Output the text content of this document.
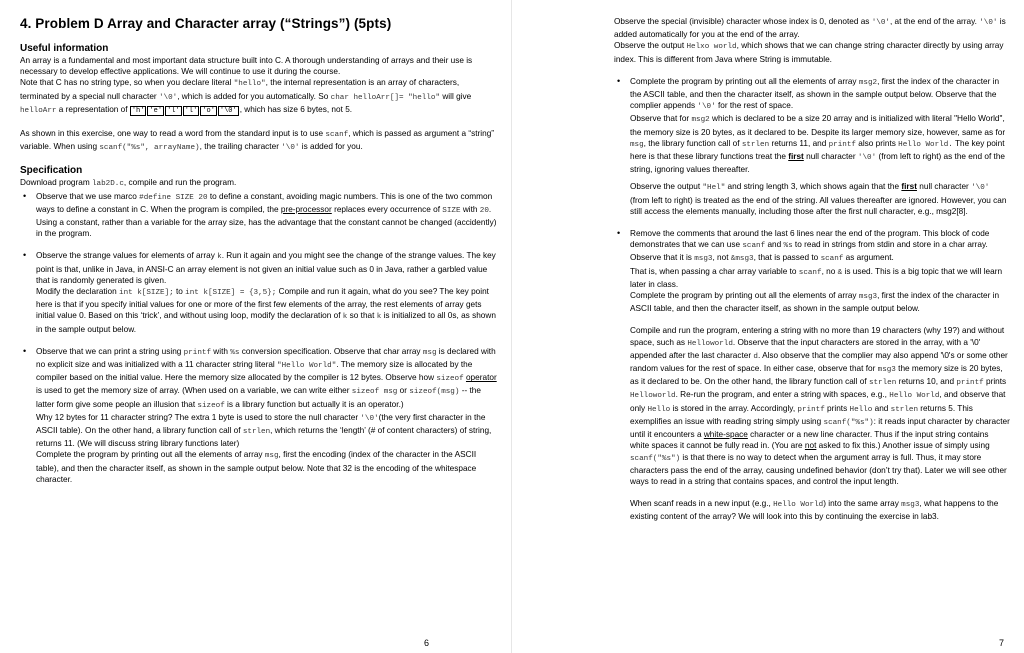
4. Problem D Array and Character array (“Strings”) (5pts)
Useful information

An array is a fundamental and most important data structure built into C. A thorough understanding of arrays and their use is necessary to develop effective applications. We will continue to use it during the course.

Note that C has no string type, so when you declare literal "hello", the internal representation is an array of characters, terminated by a special null character '\0', which is added for you automatically. So char helloArr[]= "hello" will give helloArr a representation of 'h' 'e' 'l' 'l' 'o' '\0' , which has size 6 bytes, not 5.

As shown in this exercise, one way to read a word from the standard input is to use scanf, which is passed as argument a “string” variable. When using scanf("%s", arrayName), the trailing character '\0' is added for you.

Specification

Download program lab2D.c, compile and run the program.

• Observe that we use marco #define SIZE 20 to define a constant, avoiding magic numbers. This is one of the two common ways to define a constant in C. When the program is compiled, the pre-processor replaces every occurrence of SIZE with 20. Using a constant, rather than a variable for the array size, has the advantage that the constant cannot be changed (accidently) in the program.

• Observe the strange values for elements of array k. Run it again and you might see the change of the strange values. The key point is that, unlike in Java, in ANSI-C an array element is not given an initial value such as 0 in Java, rather a garbled value that is randomly generated is given.
Modify the declaration int k[SIZE]; to int k[SIZE] = {3,5}; Compile and run it again, what do you see? The key point here is that if you specify initial values for one or more of the first few elements of the array, the rest elements of array gets initial value 0. Based on this ‘trick’, and without using loop, modify the declaration of k so that k is initialized to all 0s, as shown in the sample output below.

• Observe that we can print a string using printf with %s conversion specification. Observe that char array msg is declared with no explicit size and was initialized with a 11 character string literal "Hello World". The memory size is allocated by the compiler based on the initial value. Here the memory size allocated by the compiler is 12 bytes. Observe how sizeof operator is used to get the memory size of array. (When used on a variable, we can write either sizeof msg or sizeof(msg) -- the latter form give some people an illusion that sizeof is a library function but actually it is an operator.)
Why 12 bytes for 11 character string? The extra 1 byte is used to store the null character '\0'(the very first character in the ASCII table). On the other hand, a library function call of strlen, which returns the ‘length’ (# of content characters) of string, returns 11. (We will discuss string library functions later)
Complete the program by printing out all the elements of array msg, first the encoding (index of the character in the ASCII table), and then the character itself, as shown in the sample output below. Note that 32 is the encoding of the whitespace character.

6

Observe the special (invisible) character whose index is 0, denoted as '\0', at the end of the array. '\0' is added automatically for you at the end of the array.
Observe the output Helxo world, which shows that we can change string character directly by using array index. This is different from Java where String is immutable.

• Complete the program by printing out all the elements of array msg2, first the index of the character in the ASCII table, and then the character itself, as shown in the sample output below. Observe that the complier appends '\0' for the rest of space.
Observe that for msg2 which is declared to be a size 20 array and is initialized with literal "Hello World", the memory size is 20 bytes, as it declared to be. Despite its larger memory size, however, same as for msg, the library function call of strlen returns 11, and printf also prints Hello World. The key point here is that these library functions treat the first null character '\0' (from left to right) as the end of the string, ignoring values thereafter.

Observe the output "Hel" and string length 3, which shows again that the first null character '\0' (from left to right) is treated as the end of the string. All values thereafter are ignored. However, you can still access the elements manually, including those after the first null character, e.g., msg2[8].

• Remove the comments that around the last 6 lines near the end of the program. This block of code demonstrates that we can use scanf and %s to read in strings from stdin and store in a char array. Observe that it is msg3, not &msg3, that is passed to scanf as argument.
That is, when passing a char array variable to scanf, no & is used. This is a big topic that we will learn later in class.
Complete the program by printing out all the elements of array msg3, first the index of the character in ASCII table, and then the character itself, as shown in the sample output below.

Compile and run the program, entering a string with no more than 19 characters (why 19?) and without space, such as Helloworld. Observe that the input characters are stored in the array, with a '\0' appended after the last character d. Also observe that the complier may also append '\0's or some other random values for the rest of space. In either case, observe that for msg3 the memory size is 20 bytes, as it declared to be. On the other hand, the library function call of strlen returns 10, and printf prints Helloworld. Re-run the program, and enter a string with spaces, e.g., Hello World, and observe that only Hello is stored in the array. Accordingly, printf prints Hello and strlen returns 5. This exemplifies an issue with reading string simply using scanf("%s"): it reads input character by character until it encounters a white-space character or a new line character. Thus if the input string contains white spaces it cannot be fully read in. (You are not asked to fix this.) Another issue of simply using scanf("%s") is that there is no way to detect when the argument array is full. Thus, it may store characters pass the end of the array, causing undefined behavior (don’t try that). Later we will see other ways to read in a string that contains spaces, and control the input length.

When scanf reads in a new input (e.g., Hello World) into the same array msg3, what happens to the existing content of the array? We will look into this by continuing the exercise in lab3.

7
